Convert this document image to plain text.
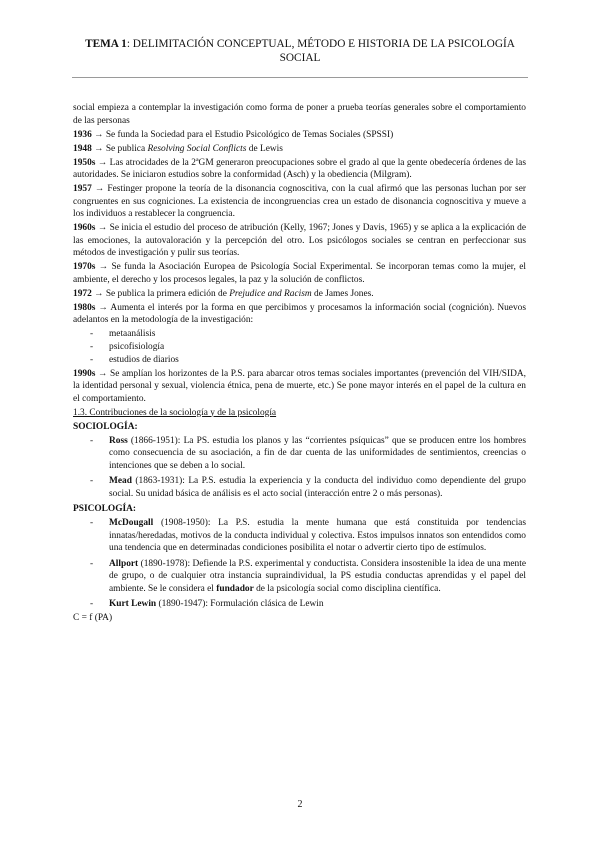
TEMA 1: DELIMITACIÓN CONCEPTUAL, MÉTODO E HISTORIA DE LA PSICOLOGÍA SOCIAL

social empieza a contemplar la investigación como forma de poner a prueba teorías generales sobre el comportamiento de las personas

1936 → Se funda la Sociedad para el Estudio Psicológico de Temas Sociales (SPSSI)

1948 → Se publica Resolving Social Conflicts de Lewis

1950s → Las atrocidades de la 2ªGM generaron preocupaciones sobre el grado al que la gente obedecería órdenes de las autoridades. Se iniciaron estudios sobre la conformidad (Asch) y la obediencia (Milgram).

1957 → Festinger propone la teoría de la disonancia cognoscitiva, con la cual afirmó que las personas luchan por ser congruentes en sus cogniciones. La existencia de incongruencias crea un estado de disonancia cognoscitiva y mueve a los individuos a restablecer la congruencia.

1960s → Se inicia el estudio del proceso de atribución (Kelly, 1967; Jones y Davis, 1965) y se aplica a la explicación de las emociones, la autovaloración y la percepción del otro. Los psicólogos sociales se centran en perfeccionar sus métodos de investigación y pulir sus teorías.

1970s → Se funda la Asociación Europea de Psicología Social Experimental. Se incorporan temas como la mujer, el ambiente, el derecho y los procesos legales, la paz y la solución de conflictos.

1972 → Se publica la primera edición de Prejudice and Racism de James Jones.

1980s → Aumenta el interés por la forma en que percibimos y procesamos la información social (cognición). Nuevos adelantos en la metodología de la investigación:

- metaanálisis
- psicofisiología
- estudios de diarios

1990s → Se amplían los horizontes de la P.S. para abarcar otros temas sociales importantes (prevención del VIH/SIDA, la identidad personal y sexual, violencia étnica, pena de muerte, etc.) Se pone mayor interés en el papel de la cultura en el comportamiento.

1.3. Contribuciones de la sociología y de la psicología

SOCIOLOGÍA:

- Ross (1866-1951): La PS. estudia los planos y las “corrientes psíquicas” que se producen entre los hombres como consecuencia de su asociación, a fin de dar cuenta de las uniformidades de sentimientos, creencias o intenciones que se deben a lo social.
- Mead (1863-1931): La P.S. estudia la experiencia y la conducta del individuo como dependiente del grupo social. Su unidad básica de análisis es el acto social (interacción entre 2 o más personas).

PSICOLOGÍA:

- McDougall (1908-1950): La P.S. estudia la mente humana que está constituida por tendencias innatas/heredadas, motivos de la conducta individual y colectiva. Estos impulsos innatos son entendidos como una tendencia que en determinadas condiciones posibilita el notar o advertir cierto tipo de estímulos.
- Allport (1890-1978): Defiende la P.S. experimental y conductista. Considera insostenible la idea de una mente de grupo, o de cualquier otra instancia supraindividual, la PS estudia conductas aprendidas y el papel del ambiente. Se le considera el fundador de la psicología social como disciplina científica.
- Kurt Lewin (1890-1947): Formulación clásica de Lewin

C = f (PA)

2
